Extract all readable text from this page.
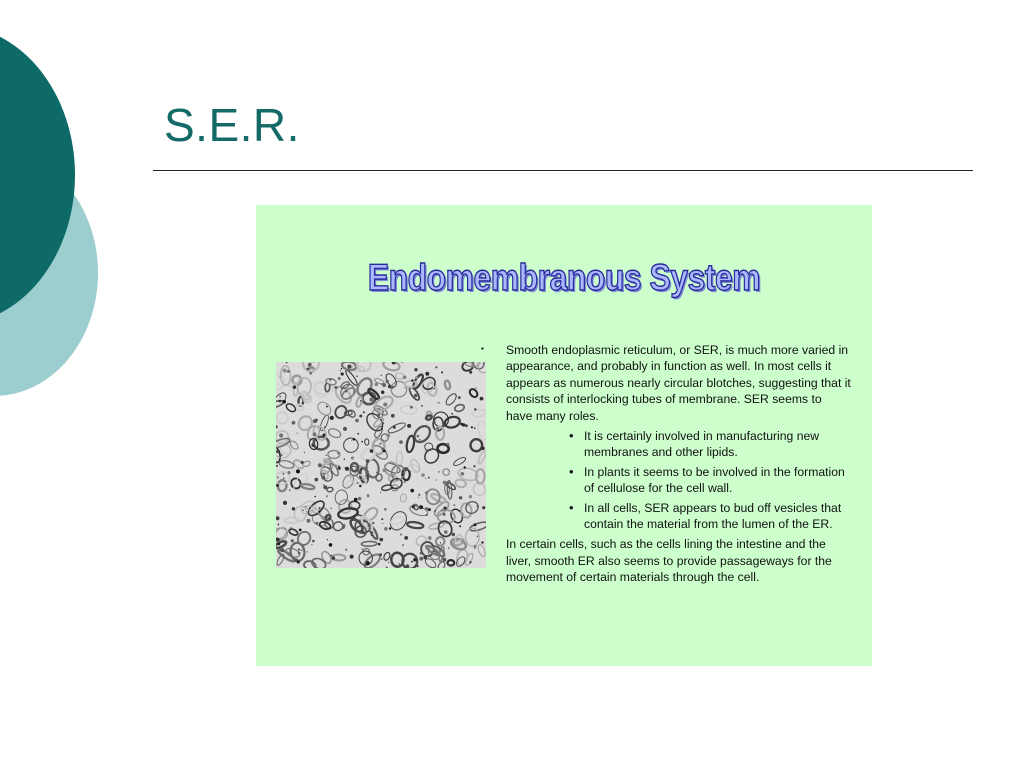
S.E.R.
Endomembranous System
▪ Smooth endoplasmic reticulum, or SER, is much more varied in appearance, and probably in function as well. In most cells it appears as numerous nearly circular blotches, suggesting that it consists of interlocking tubes of membrane. SER seems to have many roles.
• It is certainly involved in manufacturing new membranes and other lipids.
• In plants it seems to be involved in the formation of cellulose for the cell wall.
• In all cells, SER appears to bud off vesicles that contain the material from the lumen of the ER.
▪ In certain cells, such as the cells lining the intestine and the liver, smooth ER also seems to provide passageways for the movement of certain materials through the cell.
